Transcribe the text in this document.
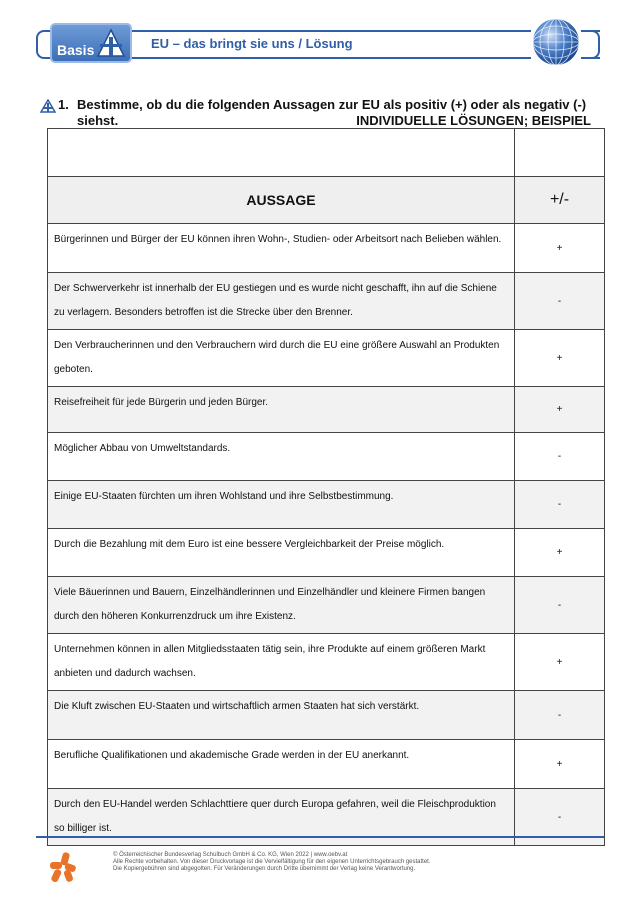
Basis	EU – das bringt sie uns / Lösung
1. Bestimme, ob du die folgenden Aussagen zur EU als positiv (+) oder als negativ (-)
siehst.	INDIVIDUELLE LÖSUNGEN; BEISPIEL

AUSSAGE	+/-
Bürgerinnen und Bürger der EU können ihren Wohn-, Studien- oder Arbeitsort nach Belieben wählen.	+
Der Schwerverkehr ist innerhalb der EU gestiegen und es wurde nicht geschafft, ihn auf die Schiene zu verlagern. Besonders betroffen ist die Strecke über den Brenner.	-
Den Verbraucherinnen und den Verbrauchern wird durch die EU eine größere Auswahl an Produkten geboten.	+
Reisefreiheit für jede Bürgerin und jeden Bürger.	+
Möglicher Abbau von Umweltstandards.	-
Einige EU-Staaten fürchten um ihren Wohlstand und ihre Selbstbestimmung.	-
Durch die Bezahlung mit dem Euro ist eine bessere Vergleichbarkeit der Preise möglich.	+
Viele Bäuerinnen und Bauern, Einzelhändlerinnen und Einzelhändler und kleinere Firmen bangen durch den höheren Konkurrenzdruck um ihre Existenz.	-
Unternehmen können in allen Mitgliedsstaaten tätig sein, ihre Produkte auf einem größeren Markt anbieten und dadurch wachsen.	+
Die Kluft zwischen EU-Staaten und wirtschaftlich armen Staaten hat sich verstärkt.	-
Berufliche Qualifikationen und akademische Grade werden in der EU anerkannt.	+
Durch den EU-Handel werden Schlachttiere quer durch Europa gefahren, weil die Fleischproduktion so billiger ist.	-
© Österreichischer Bundesverlag Schulbuch GmbH & Co. KG, Wien 2022 | www.oebv.at
Alle Rechte vorbehalten. Von dieser Druckvorlage ist die Vervielfältigung für den eigenen Unterrichtsgebrauch gestattet.
Die Kopiergebühren sind abgegolten. Für Veränderungen durch Dritte übernimmt der Verlag keine Verantwortung.
